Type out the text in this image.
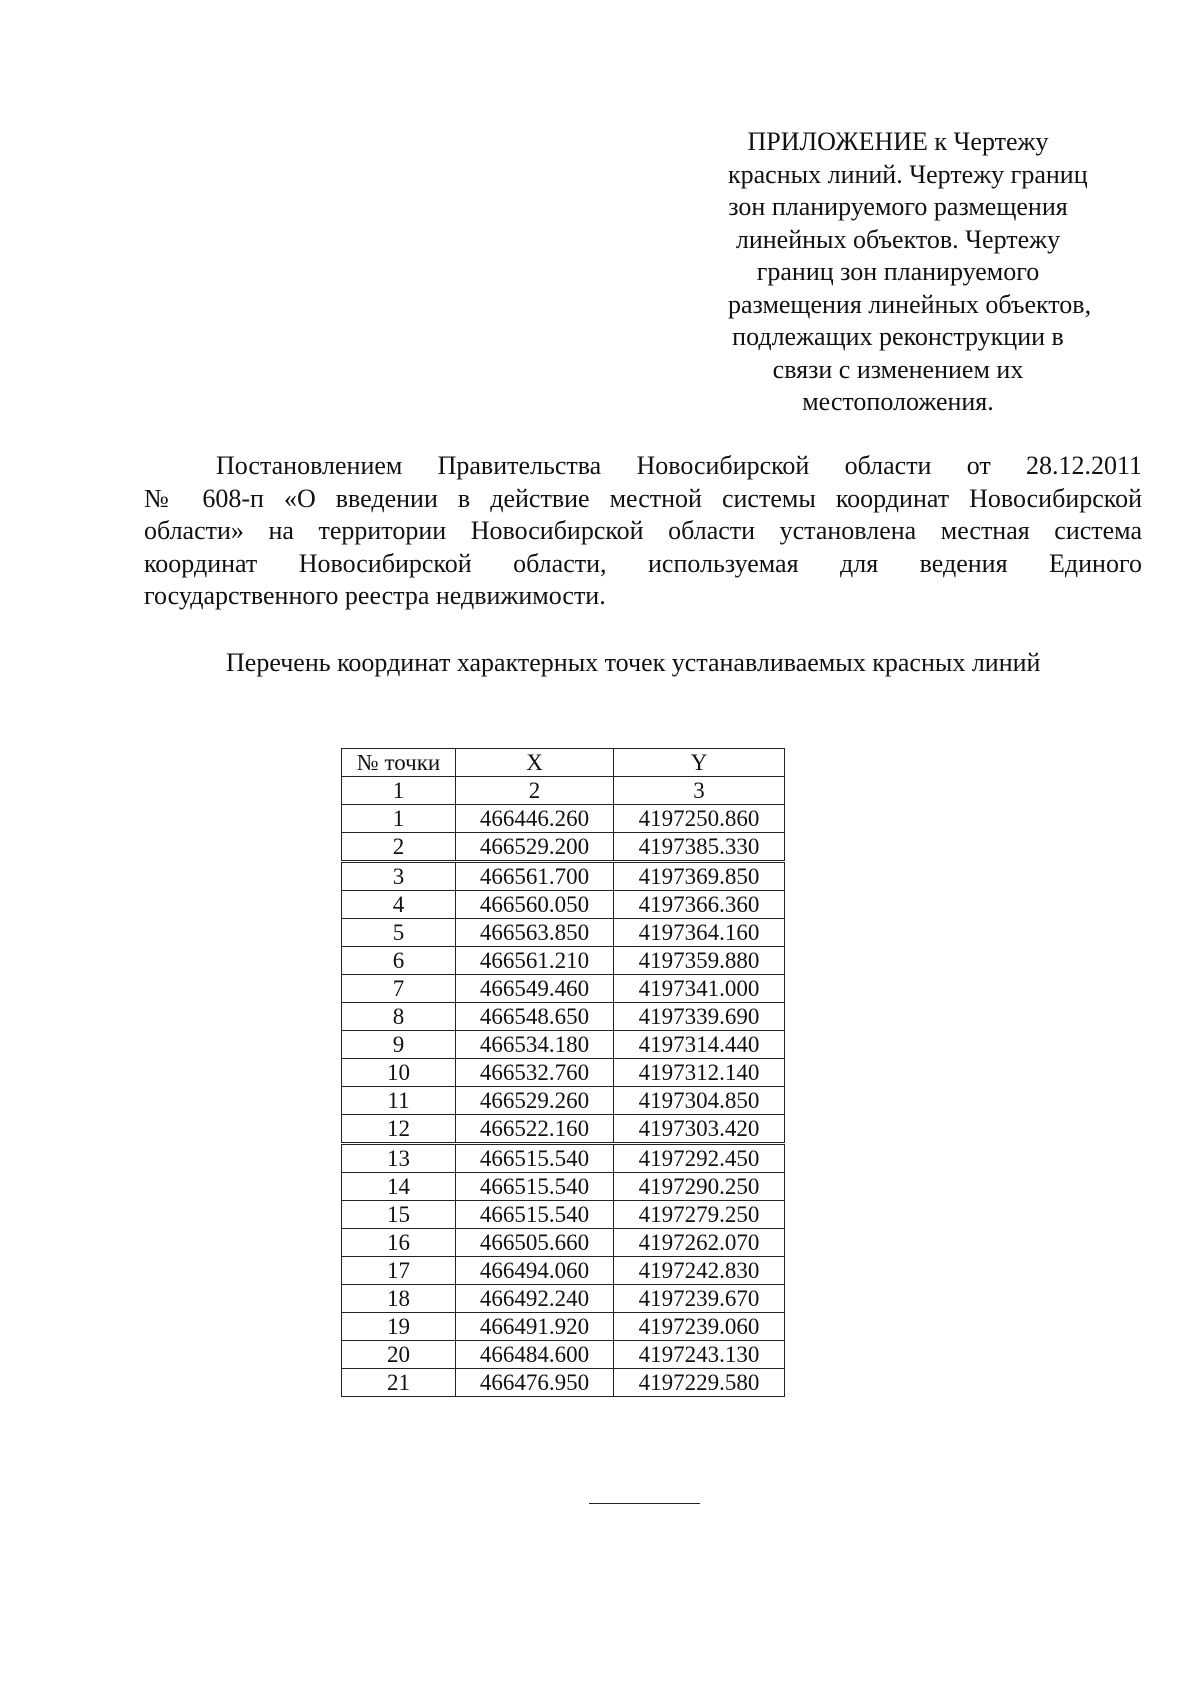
ПРИЛОЖЕНИЕ к Чертежу
красных линий. Чертежу границ
зон планируемого размещения
линейных объектов. Чертежу
границ зон планируемого
размещения линейных объектов,
подлежащих реконструкции в
связи с изменением их
местоположения.
Постановлением Правительства Новосибирской области от 28.12.2011
№ 608-п «О введении в действие местной системы координат Новосибирской
области» на территории Новосибирской области установлена местная система
координат Новосибирской области, используемая для ведения Единого
государственного реестра недвижимости.
Перечень координат характерных точек устанавливаемых красных линий
№ точки	X	Y
1	2	3
1	466446.260	4197250.860
2	466529.200	4197385.330
3	466561.700	4197369.850
4	466560.050	4197366.360
5	466563.850	4197364.160
6	466561.210	4197359.880
7	466549.460	4197341.000
8	466548.650	4197339.690
9	466534.180	4197314.440
10	466532.760	4197312.140
11	466529.260	4197304.850
12	466522.160	4197303.420
13	466515.540	4197292.450
14	466515.540	4197290.250
15	466515.540	4197279.250
16	466505.660	4197262.070
17	466494.060	4197242.830
18	466492.240	4197239.670
19	466491.920	4197239.060
20	466484.600	4197243.130
21	466476.950	4197229.580
